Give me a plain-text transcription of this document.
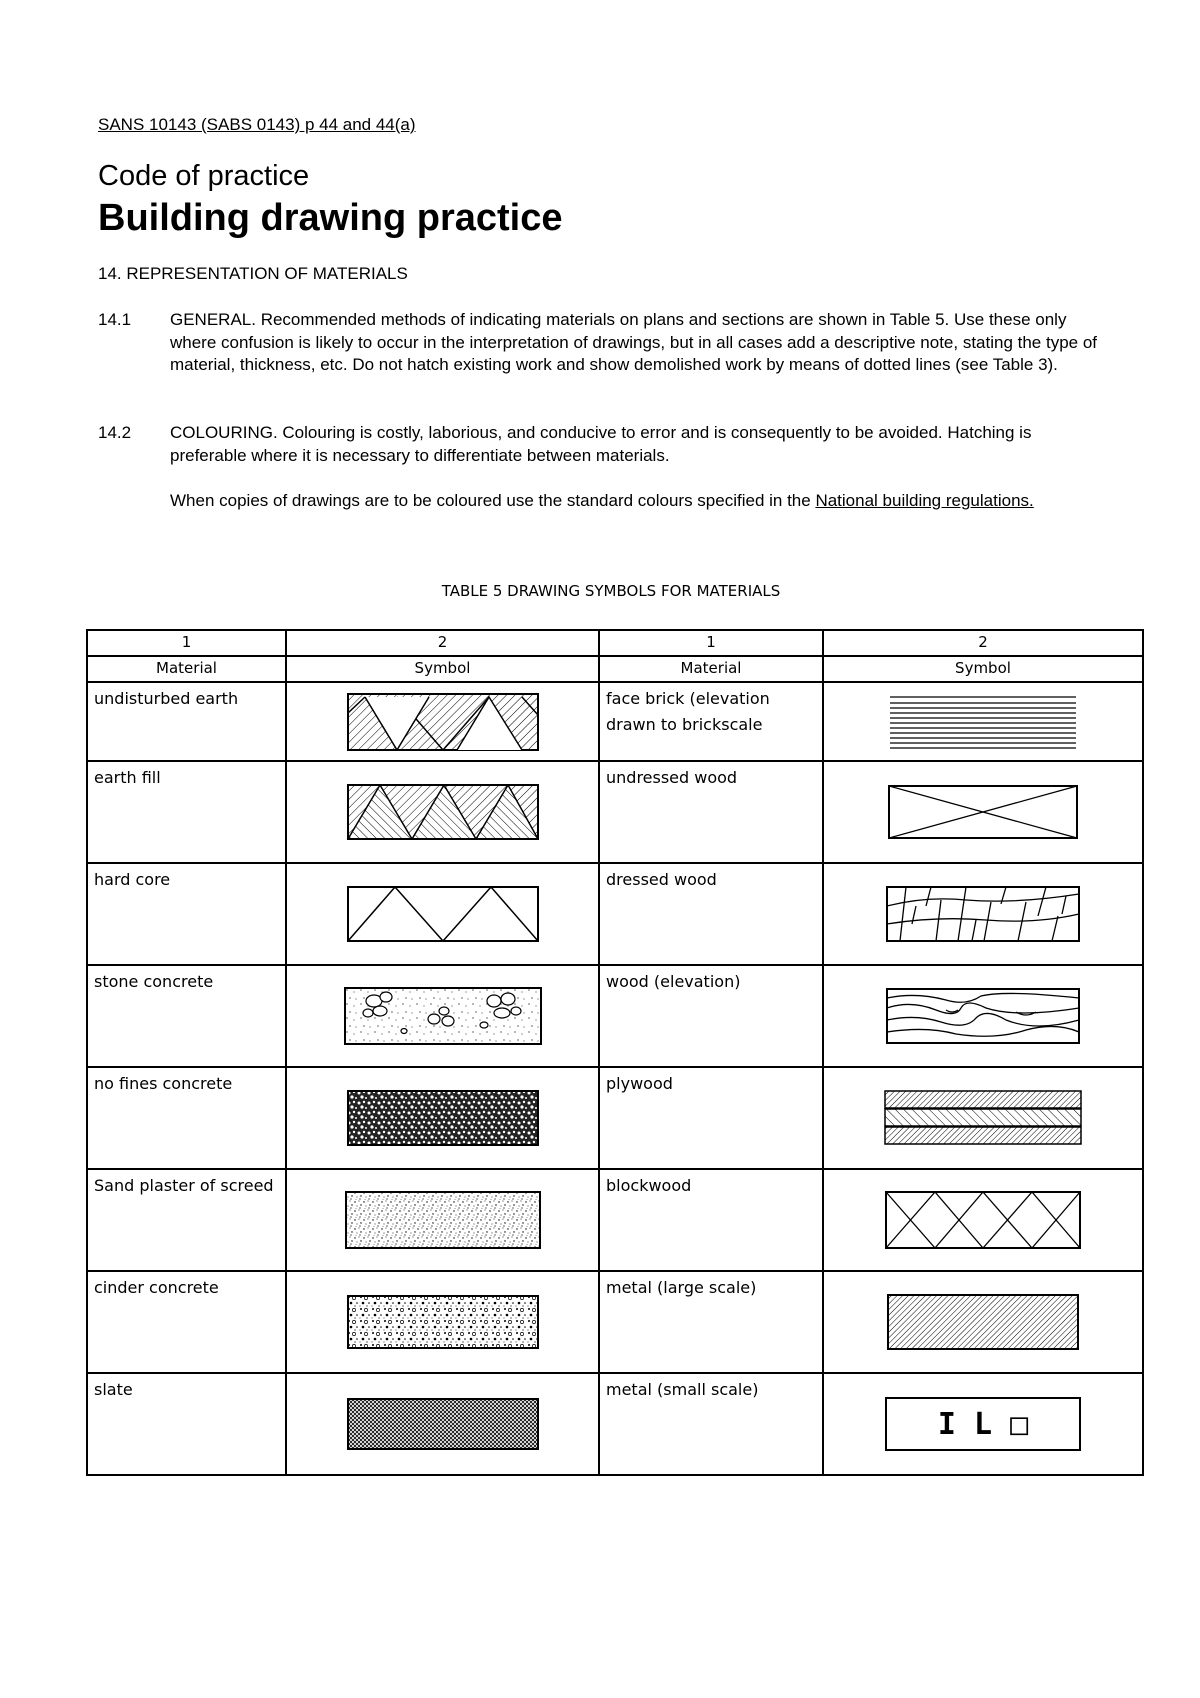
SANS 10143 (SABS 0143) p 44 and 44(a)
Code of practice
Building drawing practice
14. REPRESENTATION OF MATERIALS
14.1 GENERAL. Recommended methods of indicating materials on plans and sections are shown in Table 5. Use these only where confusion is likely to occur in the interpretation of drawings, but in all cases add a descriptive note, stating the type of material, thickness, etc. Do not hatch existing work and show demolished work by means of dotted lines (see Table 3).
14.2 COLOURING. Colouring is costly, laborious, and conducive to error and is consequently to be avoided. Hatching is preferable where it is necessary to differentiate between materials.
When copies of drawings are to be coloured use the standard colours specified in the National building regulations.
TABLE 5 DRAWING SYMBOLS FOR MATERIALS
1	2	1	2
Material	Symbol	Material	Symbol
undisturbed earth		face brick (elevation drawn to brickscale	

earth fill		undressed wood	

hard core		dressed wood	

stone concrete		wood (elevation)	

no fines concrete		plywood	

Sand plaster of screed		blockwood	

cinder concrete		metal (large scale)	

slate		metal (small scale)	I L □
